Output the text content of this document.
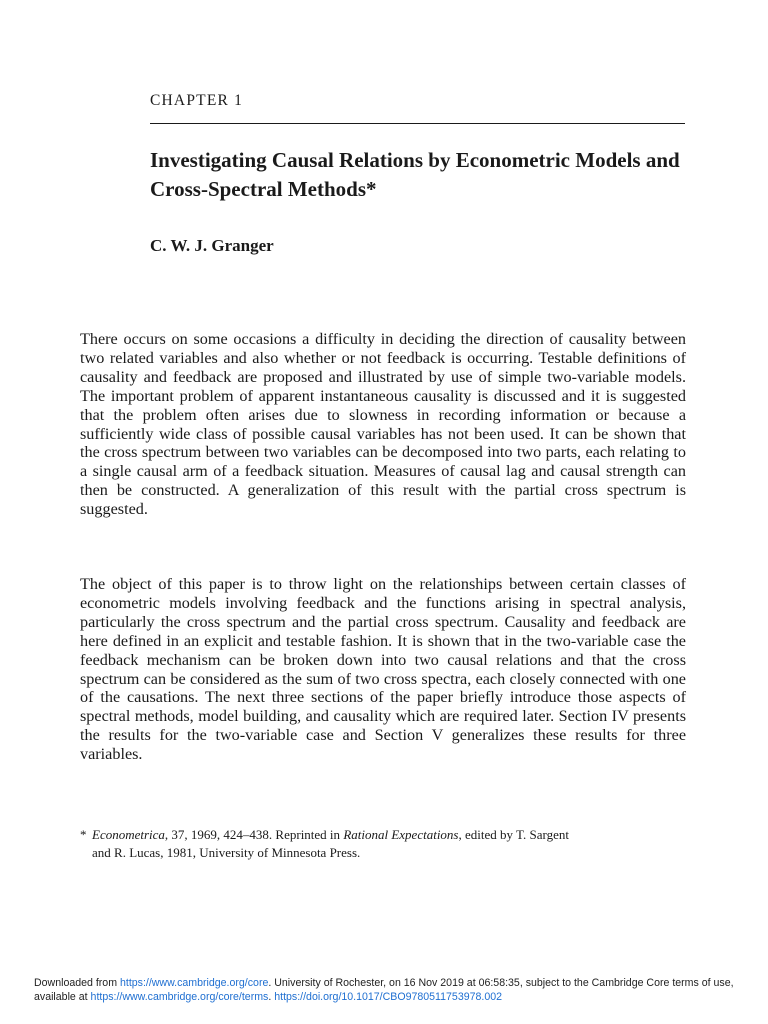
CHAPTER 1
Investigating Causal Relations by Econometric Models and Cross-Spectral Methods*
C. W. J. Granger

There occurs on some occasions a difficulty in deciding the direction of causality between two related variables and also whether or not feedback is occurring. Testable definitions of causality and feedback are proposed and illustrated by use of simple two-variable models. The important problem of apparent instantaneous causality is discussed and it is suggested that the problem often arises due to slowness in recording information or because a sufficiently wide class of possible causal variables has not been used. It can be shown that the cross spectrum between two variables can be decomposed into two parts, each relating to a single causal arm of a feedback situation. Measures of causal lag and causal strength can then be constructed. A generalization of this result with the partial cross spectrum is suggested.

The object of this paper is to throw light on the relationships between certain classes of econometric models involving feedback and the functions arising in spectral analysis, particularly the cross spectrum and the partial cross spectrum. Causality and feedback are here defined in an explicit and testable fashion. It is shown that in the two-variable case the feedback mechanism can be broken down into two causal relations and that the cross spectrum can be considered as the sum of two cross spectra, each closely connected with one of the causations. The next three sections of the paper briefly introduce those aspects of spectral methods, model building, and causality which are required later. Section IV presents the results for the two-variable case and Section V generalizes these results for three variables.

* Econometrica, 37, 1969, 424–438. Reprinted in Rational Expectations, edited by T. Sargent
and R. Lucas, 1981, University of Minnesota Press.
Downloaded from https://www.cambridge.org/core. University of Rochester, on 16 Nov 2019 at 06:58:35, subject to the Cambridge Core terms of use, available at https://www.cambridge.org/core/terms. https://doi.org/10.1017/CBO9780511753978.002
